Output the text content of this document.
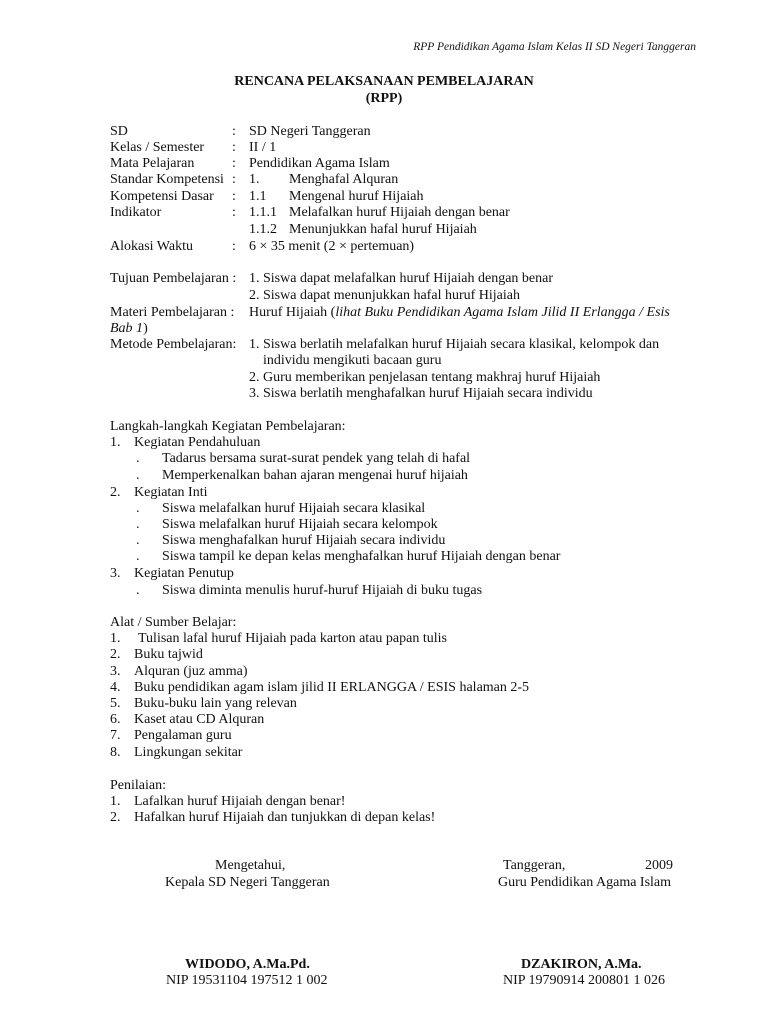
RPP Pendidikan Agama Islam Kelas II SD Negeri Tanggeran
RENCANA PELAKSANAAN PEMBELAJARAN
(RPP)
SD	: SD Negeri Tanggeran
Kelas / Semester : II / 1
Mata Pelajaran	: Pendidikan Agama Islam
Standar Kompetensi : 1. Menghafal Alquran
Kompetensi Dasar : 1.1 Mengenal huruf Hijaiah
Indikator	: 1.1.1 Melafalkan huruf Hijaiah dengan benar
1.1.2 Menunjukkan hafal huruf Hijaiah
Alokasi Waktu	: 6 × 35 menit (2 × pertemuan)
Tujuan Pembelajaran : 1. Siswa dapat melafalkan huruf Hijaiah dengan benar
2. Siswa dapat menunjukkan hafal huruf Hijaiah
Materi Pembelajaran : Huruf Hijaiah (lihat Buku Pendidikan Agama Islam Jilid II Erlangga / Esis
Bab 1)
Metode Pembelajaran: 1. Siswa berlatih melafalkan huruf Hijaiah secara klasikal, kelompok dan
individu mengikuti bacaan guru
2. Guru memberikan penjelasan tentang makhraj huruf Hijaiah
3. Siswa berlatih menghafalkan huruf Hijaiah secara individu
Langkah-langkah Kegiatan Pembelajaran:
1. Kegiatan Pendahuluan
. Tadarus bersama surat-surat pendek yang telah di hafal
. Memperkenalkan bahan ajaran mengenai huruf hijaiah
2. Kegiatan Inti
. Siswa melafalkan huruf Hijaiah secara klasikal
. Siswa melafalkan huruf Hijaiah secara kelompok
. Siswa menghafalkan huruf Hijaiah secara individu
. Siswa tampil ke depan kelas menghafalkan huruf Hijaiah dengan benar
3. Kegiatan Penutup
. Siswa diminta menulis huruf-huruf Hijaiah di buku tugas
Alat / Sumber Belajar:
1. Tulisan lafal huruf Hijaiah pada karton atau papan tulis
2. Buku tajwid
3. Alquran (juz amma)
4. Buku pendidikan agam islam jilid II ERLANGGA / ESIS halaman 2-5
5. Buku-buku lain yang relevan
6. Kaset atau CD Alquran
7. Pengalaman guru
8. Lingkungan sekitar
Penilaian:
1. Lafalkan huruf Hijaiah dengan benar!
2. Hafalkan huruf Hijaiah dan tunjukkan di depan kelas!
Mengetahui,
Kepala SD Negeri Tanggeran
WIDODO, A.Ma.Pd.
NIP 19531104 197512 1 002
Tanggeran,	2009
Guru Pendidikan Agama Islam
DZAKIRON, A.Ma.
NIP 19790914 200801 1 026
